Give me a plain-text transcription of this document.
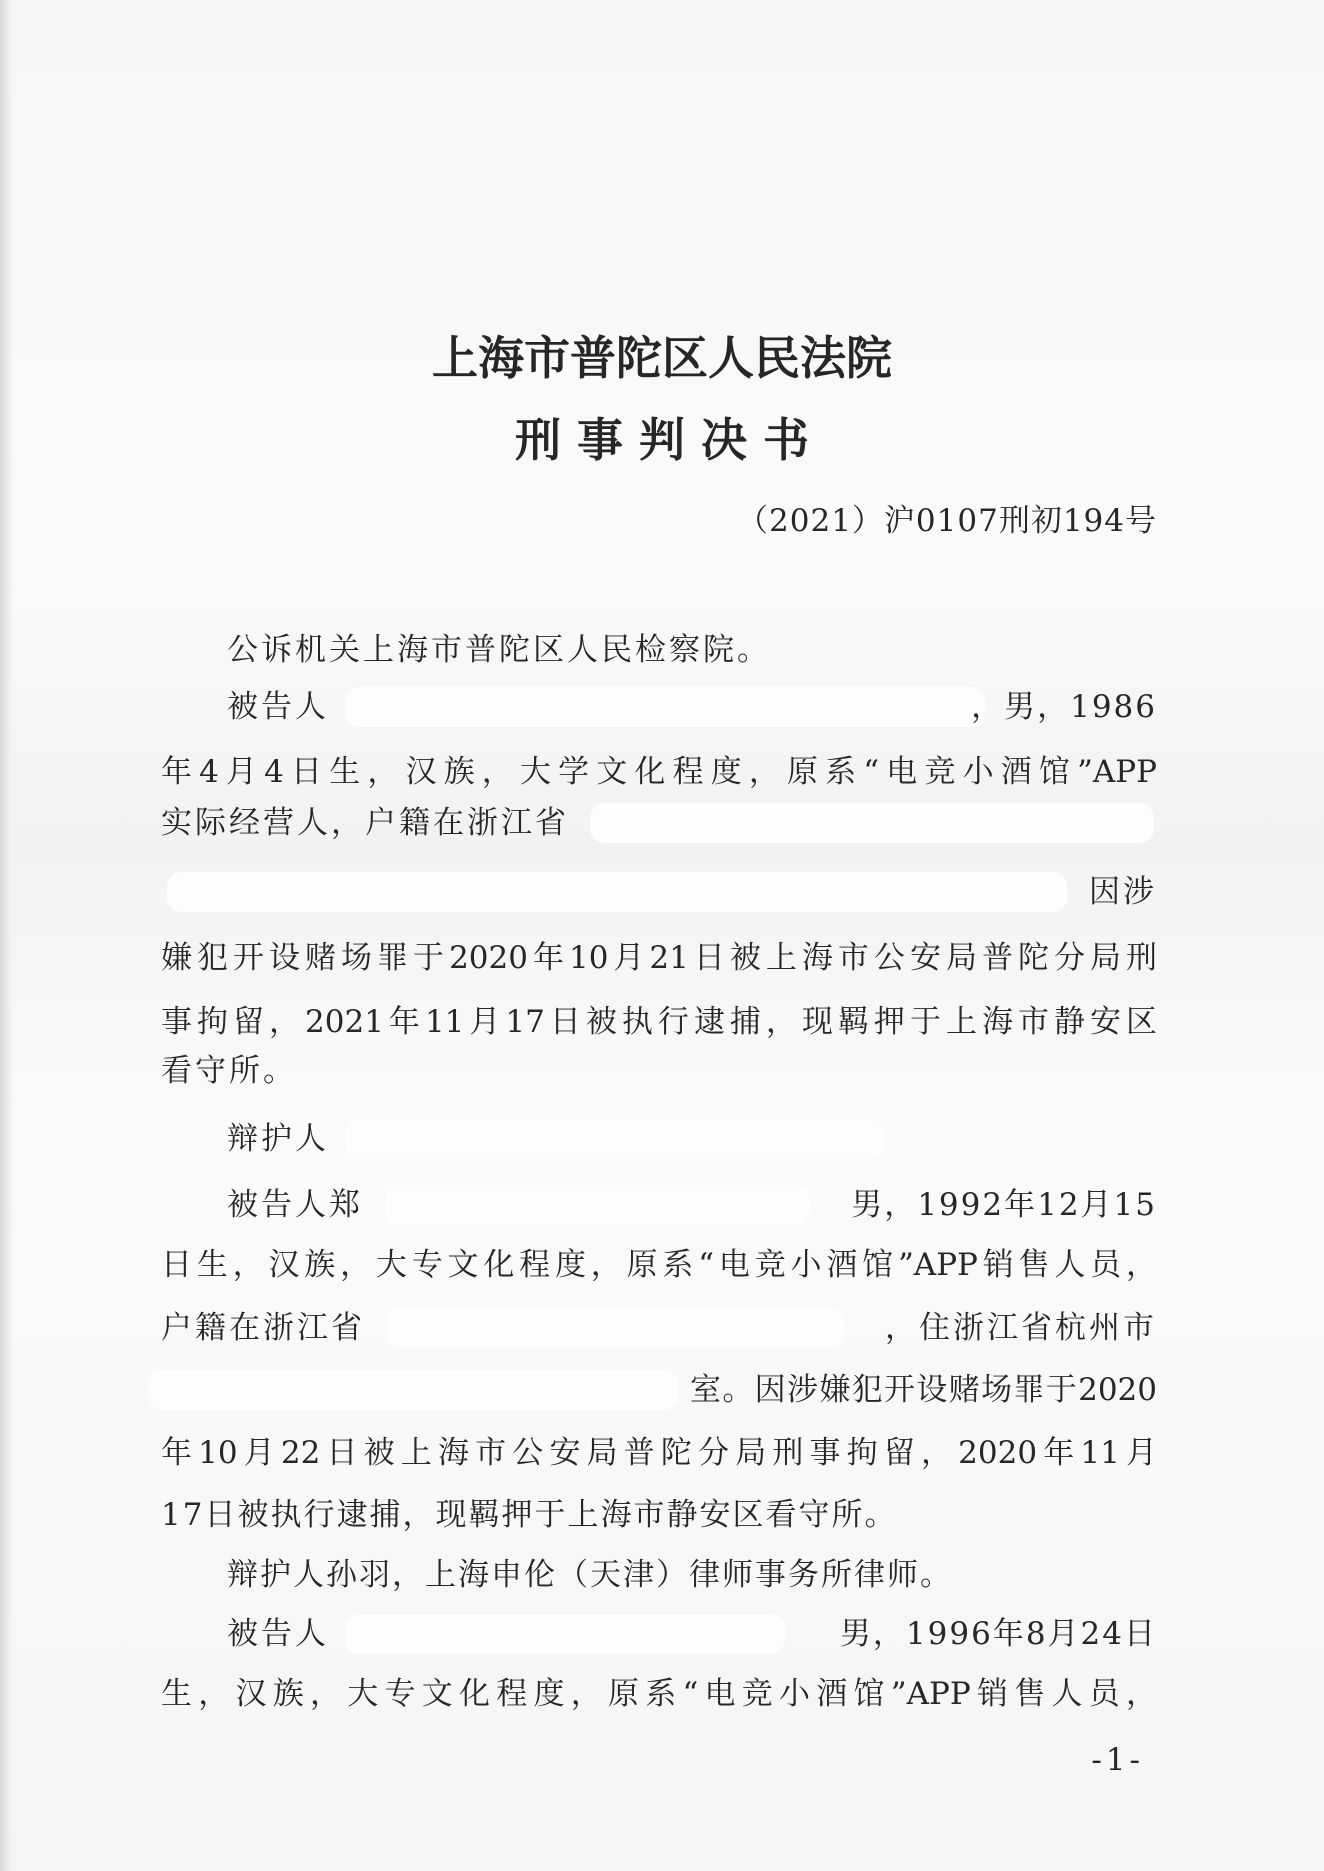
上海市普陀区人民法院
刑 事 判 决 书
（2021）沪0107刑初194号
公诉机关上海市普陀区人民检察院。
被告人	，男，1986
年4月4日生，汉族，大学文化程度，原系“电竞小酒馆”APP
实际经营人，户籍在浙江省
因涉
嫌犯开设赌场罪于2020年10月21日被上海市公安局普陀分局刑
事拘留，2021年11月17日被执行逮捕，现羁押于上海市静安区
看守所。
辩护人
被告人郑	男，1992年12月15
日生，汉族，大专文化程度，原系“电竞小酒馆”APP销售人员，
户籍在浙江省	，住浙江省杭州市
室。因涉嫌犯开设赌场罪于2020
年10月22日被上海市公安局普陀分局刑事拘留，2020年11月
17日被执行逮捕，现羁押于上海市静安区看守所。
辩护人孙羽，上海申伦（天津）律师事务所律师。
被告人	男，1996年8月24日
生，汉族，大专文化程度，原系“电竞小酒馆”APP销售人员，
-1-
